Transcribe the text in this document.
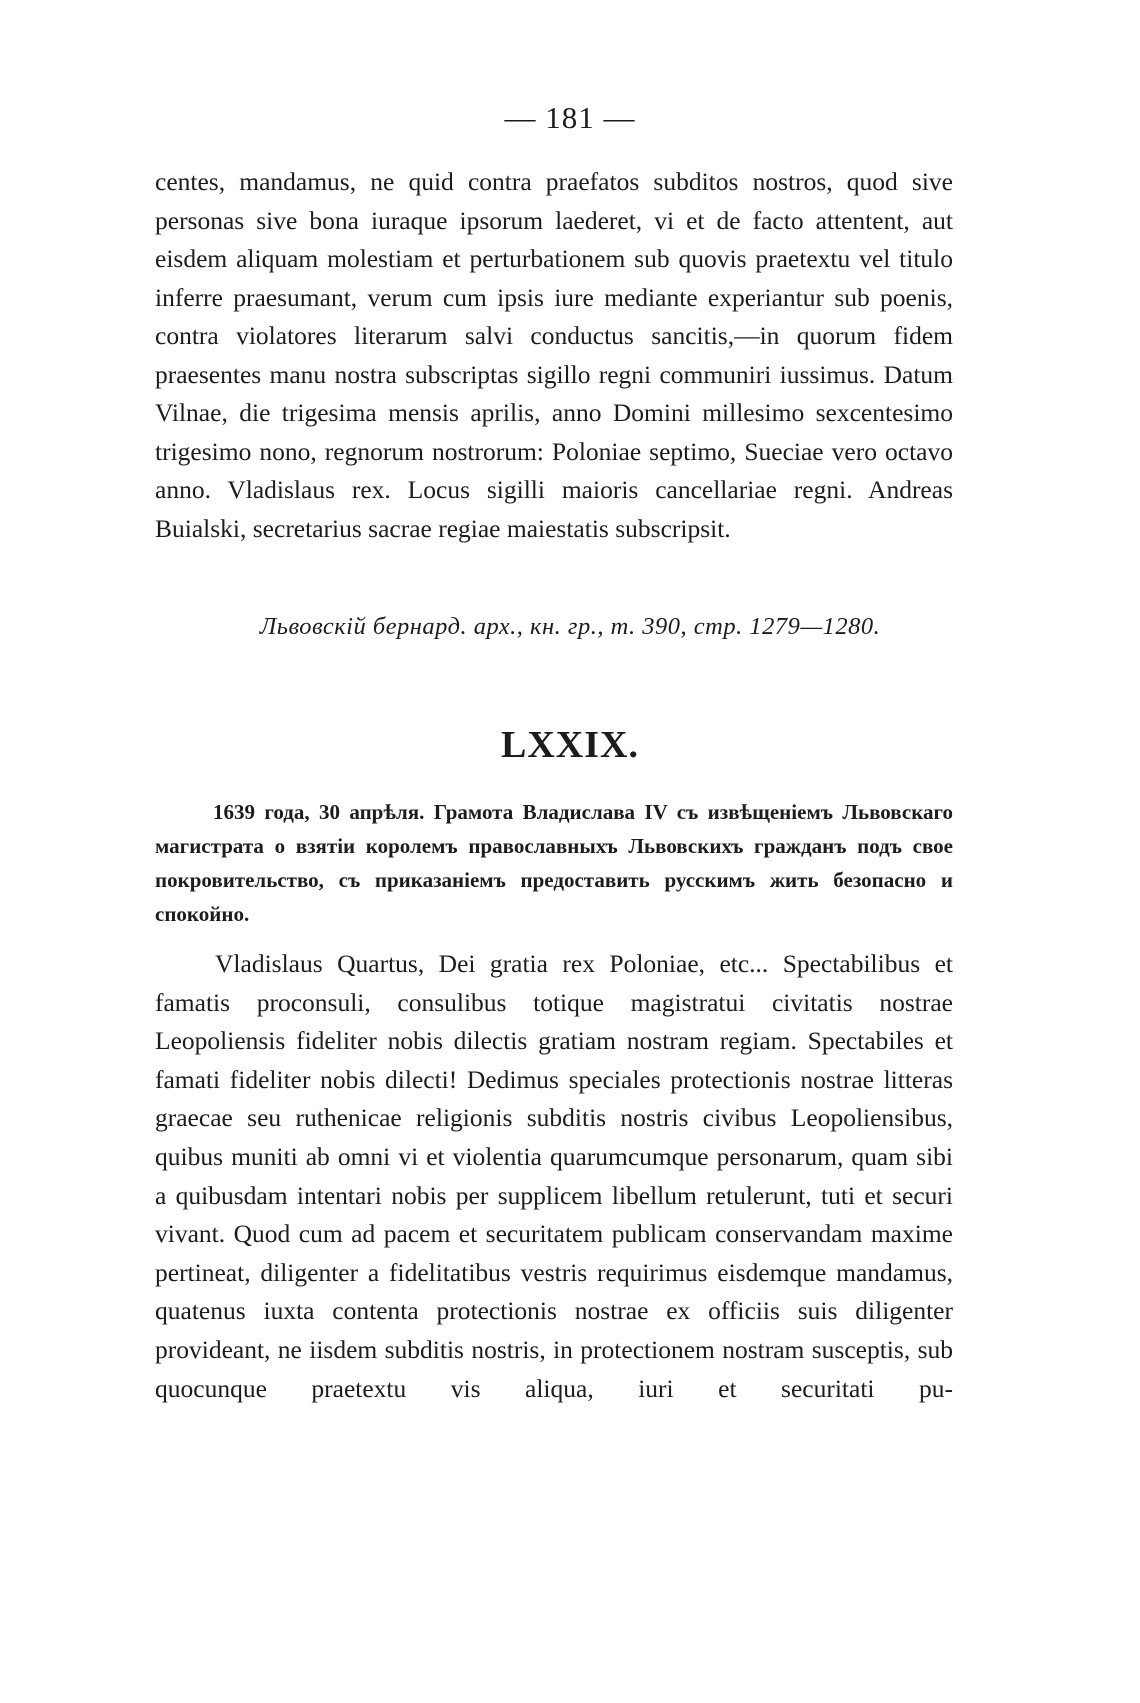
— 181 —

centes, mandamus, ne quid contra praefatos subditos nostros, quod sive personas sive bona iuraque ipsorum laederet, vi et de facto attentent, aut eisdem aliquam molestiam et perturbationem sub quovis praetextu vel titulo inferre praesumant, verum cum ipsis iure mediante experiantur sub poenis, contra violatores literarum salvi conductus sancitis,—in quorum fidem praesentes manu nostra subscriptas sigillo regni communiri iussimus. Datum Vilnae, die trigesima mensis aprilis, anno Domini millesimo sexcentesimo trigesimo nono, regnorum nostrorum: Poloniae septimo, Sueciae vero octavo anno. Vladislaus rex. Locus sigilli maioris cancellariae regni. Andreas Buialski, secretarius sacrae regiae maiestatis subscripsit.

Львовскій бернард. арх., кн. гр., т. 390, стр. 1279—1280.
LXXIX.

1639 года, 30 апрѣля. Грамота Владислава IV съ извѣщеніемъ Львовскаго магистрата о взятіи королемъ православныхъ Львовскихъ гражданъ подъ свое покровительство, съ приказаніемъ предоставить русскимъ жить безопасно и спокойно.

Vladislaus Quartus, Dei gratia rex Poloniae, etc... Spectabilibus et famatis proconsuli, consulibus totique magistratui civitatis nostrae Leopoliensis fideliter nobis dilectis gratiam nostram regiam. Spectabiles et famati fideliter nobis dilecti! Dedimus speciales protectionis nostrae litteras graecae seu ruthenicae religionis subditis nostris civibus Leopoliensibus, quibus muniti ab omni vi et violentia quarumcumque personarum, quam sibi a quibusdam intentari nobis per supplicem libellum retulerunt, tuti et securi vivant. Quod cum ad pacem et securitatem publicam conservandam maxime pertineat, diligenter a fidelitatibus vestris requirimus eisdemque mandamus, quatenus iuxta contenta protectionis nostrae ex officiis suis diligenter provideant, ne iisdem subditis nostris, in protectionem nostram susceptis, sub quocunque praetextu vis aliqua, iuri et securitati pu-
